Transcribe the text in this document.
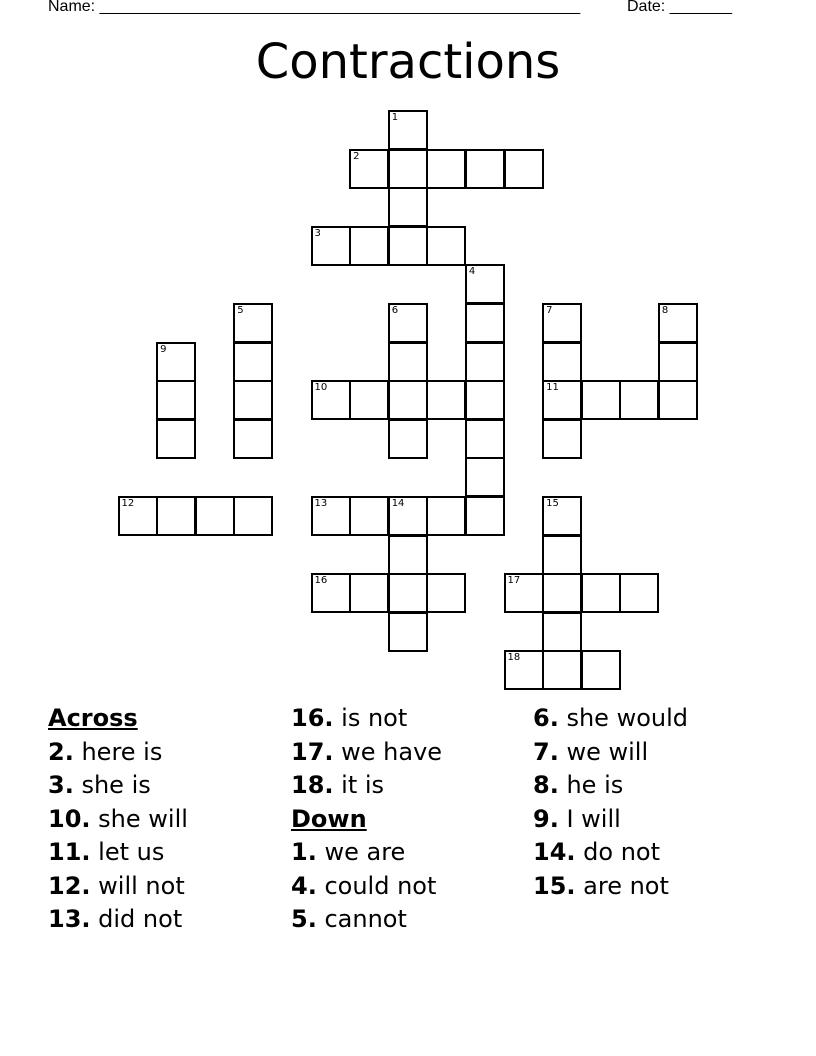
Name: ______________________________________________________	Date: _______
Contractions
1
2
3
4
5	6	7	8
9
10	11
12	13	14	15
16	17
18
Across
2. here is
3. she is
10. she will
11. let us
12. will not
13. did not
16. is not
17. we have
18. it is
Down
1. we are
4. could not
5. cannot
6. she would
7. we will
8. he is
9. I will
14. do not
15. are not
